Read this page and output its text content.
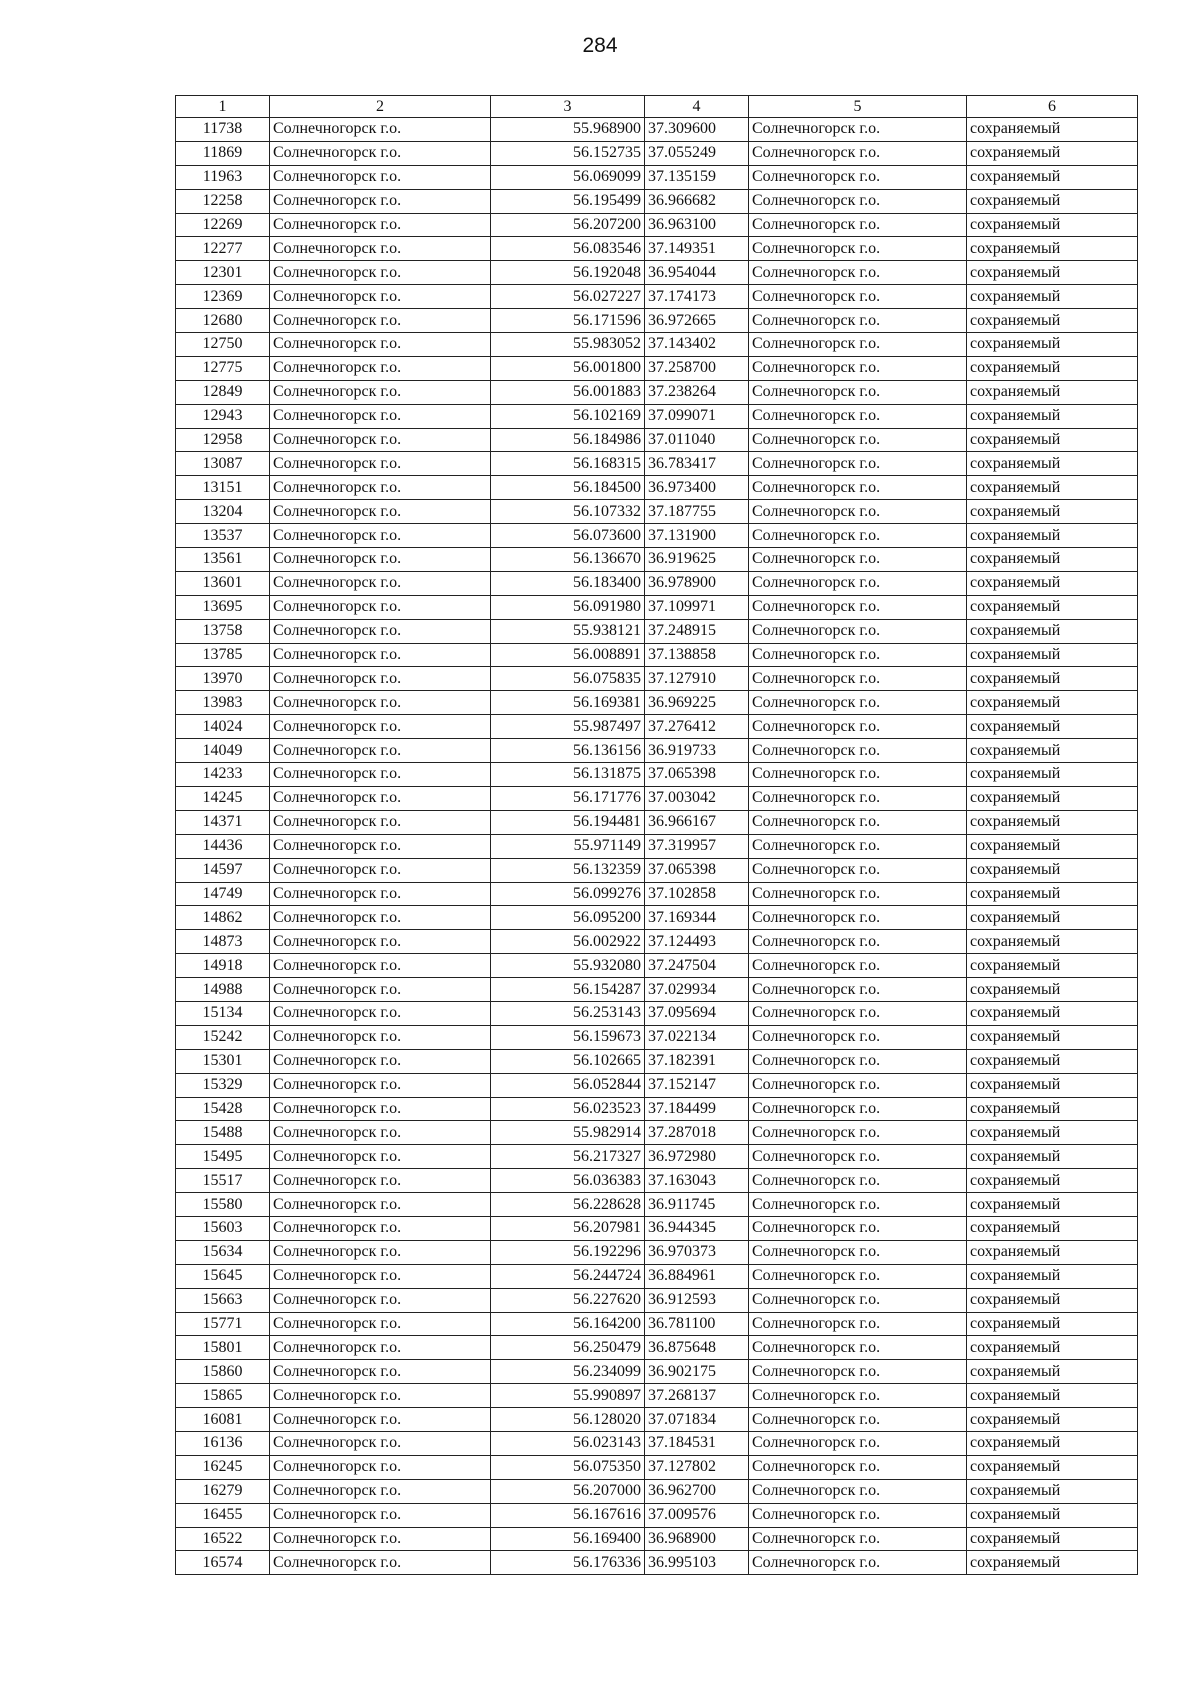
284
1	2	3	4	5	6
11738	Солнечногорск г.о.	55.968900	37.309600	Солнечногорск г.о.	сохраняемый
11869	Солнечногорск г.о.	56.152735	37.055249	Солнечногорск г.о.	сохраняемый
11963	Солнечногорск г.о.	56.069099	37.135159	Солнечногорск г.о.	сохраняемый
12258	Солнечногорск г.о.	56.195499	36.966682	Солнечногорск г.о.	сохраняемый
12269	Солнечногорск г.о.	56.207200	36.963100	Солнечногорск г.о.	сохраняемый
12277	Солнечногорск г.о.	56.083546	37.149351	Солнечногорск г.о.	сохраняемый
12301	Солнечногорск г.о.	56.192048	36.954044	Солнечногорск г.о.	сохраняемый
12369	Солнечногорск г.о.	56.027227	37.174173	Солнечногорск г.о.	сохраняемый
12680	Солнечногорск г.о.	56.171596	36.972665	Солнечногорск г.о.	сохраняемый
12750	Солнечногорск г.о.	55.983052	37.143402	Солнечногорск г.о.	сохраняемый
12775	Солнечногорск г.о.	56.001800	37.258700	Солнечногорск г.о.	сохраняемый
12849	Солнечногорск г.о.	56.001883	37.238264	Солнечногорск г.о.	сохраняемый
12943	Солнечногорск г.о.	56.102169	37.099071	Солнечногорск г.о.	сохраняемый
12958	Солнечногорск г.о.	56.184986	37.011040	Солнечногорск г.о.	сохраняемый
13087	Солнечногорск г.о.	56.168315	36.783417	Солнечногорск г.о.	сохраняемый
13151	Солнечногорск г.о.	56.184500	36.973400	Солнечногорск г.о.	сохраняемый
13204	Солнечногорск г.о.	56.107332	37.187755	Солнечногорск г.о.	сохраняемый
13537	Солнечногорск г.о.	56.073600	37.131900	Солнечногорск г.о.	сохраняемый
13561	Солнечногорск г.о.	56.136670	36.919625	Солнечногорск г.о.	сохраняемый
13601	Солнечногорск г.о.	56.183400	36.978900	Солнечногорск г.о.	сохраняемый
13695	Солнечногорск г.о.	56.091980	37.109971	Солнечногорск г.о.	сохраняемый
13758	Солнечногорск г.о.	55.938121	37.248915	Солнечногорск г.о.	сохраняемый
13785	Солнечногорск г.о.	56.008891	37.138858	Солнечногорск г.о.	сохраняемый
13970	Солнечногорск г.о.	56.075835	37.127910	Солнечногорск г.о.	сохраняемый
13983	Солнечногорск г.о.	56.169381	36.969225	Солнечногорск г.о.	сохраняемый
14024	Солнечногорск г.о.	55.987497	37.276412	Солнечногорск г.о.	сохраняемый
14049	Солнечногорск г.о.	56.136156	36.919733	Солнечногорск г.о.	сохраняемый
14233	Солнечногорск г.о.	56.131875	37.065398	Солнечногорск г.о.	сохраняемый
14245	Солнечногорск г.о.	56.171776	37.003042	Солнечногорск г.о.	сохраняемый
14371	Солнечногорск г.о.	56.194481	36.966167	Солнечногорск г.о.	сохраняемый
14436	Солнечногорск г.о.	55.971149	37.319957	Солнечногорск г.о.	сохраняемый
14597	Солнечногорск г.о.	56.132359	37.065398	Солнечногорск г.о.	сохраняемый
14749	Солнечногорск г.о.	56.099276	37.102858	Солнечногорск г.о.	сохраняемый
14862	Солнечногорск г.о.	56.095200	37.169344	Солнечногорск г.о.	сохраняемый
14873	Солнечногорск г.о.	56.002922	37.124493	Солнечногорск г.о.	сохраняемый
14918	Солнечногорск г.о.	55.932080	37.247504	Солнечногорск г.о.	сохраняемый
14988	Солнечногорск г.о.	56.154287	37.029934	Солнечногорск г.о.	сохраняемый
15134	Солнечногорск г.о.	56.253143	37.095694	Солнечногорск г.о.	сохраняемый
15242	Солнечногорск г.о.	56.159673	37.022134	Солнечногорск г.о.	сохраняемый
15301	Солнечногорск г.о.	56.102665	37.182391	Солнечногорск г.о.	сохраняемый
15329	Солнечногорск г.о.	56.052844	37.152147	Солнечногорск г.о.	сохраняемый
15428	Солнечногорск г.о.	56.023523	37.184499	Солнечногорск г.о.	сохраняемый
15488	Солнечногорск г.о.	55.982914	37.287018	Солнечногорск г.о.	сохраняемый
15495	Солнечногорск г.о.	56.217327	36.972980	Солнечногорск г.о.	сохраняемый
15517	Солнечногорск г.о.	56.036383	37.163043	Солнечногорск г.о.	сохраняемый
15580	Солнечногорск г.о.	56.228628	36.911745	Солнечногорск г.о.	сохраняемый
15603	Солнечногорск г.о.	56.207981	36.944345	Солнечногорск г.о.	сохраняемый
15634	Солнечногорск г.о.	56.192296	36.970373	Солнечногорск г.о.	сохраняемый
15645	Солнечногорск г.о.	56.244724	36.884961	Солнечногорск г.о.	сохраняемый
15663	Солнечногорск г.о.	56.227620	36.912593	Солнечногорск г.о.	сохраняемый
15771	Солнечногорск г.о.	56.164200	36.781100	Солнечногорск г.о.	сохраняемый
15801	Солнечногорск г.о.	56.250479	36.875648	Солнечногорск г.о.	сохраняемый
15860	Солнечногорск г.о.	56.234099	36.902175	Солнечногорск г.о.	сохраняемый
15865	Солнечногорск г.о.	55.990897	37.268137	Солнечногорск г.о.	сохраняемый
16081	Солнечногорск г.о.	56.128020	37.071834	Солнечногорск г.о.	сохраняемый
16136	Солнечногорск г.о.	56.023143	37.184531	Солнечногорск г.о.	сохраняемый
16245	Солнечногорск г.о.	56.075350	37.127802	Солнечногорск г.о.	сохраняемый
16279	Солнечногорск г.о.	56.207000	36.962700	Солнечногорск г.о.	сохраняемый
16455	Солнечногорск г.о.	56.167616	37.009576	Солнечногорск г.о.	сохраняемый
16522	Солнечногорск г.о.	56.169400	36.968900	Солнечногорск г.о.	сохраняемый
16574	Солнечногорск г.о.	56.176336	36.995103	Солнечногорск г.о.	сохраняемый
